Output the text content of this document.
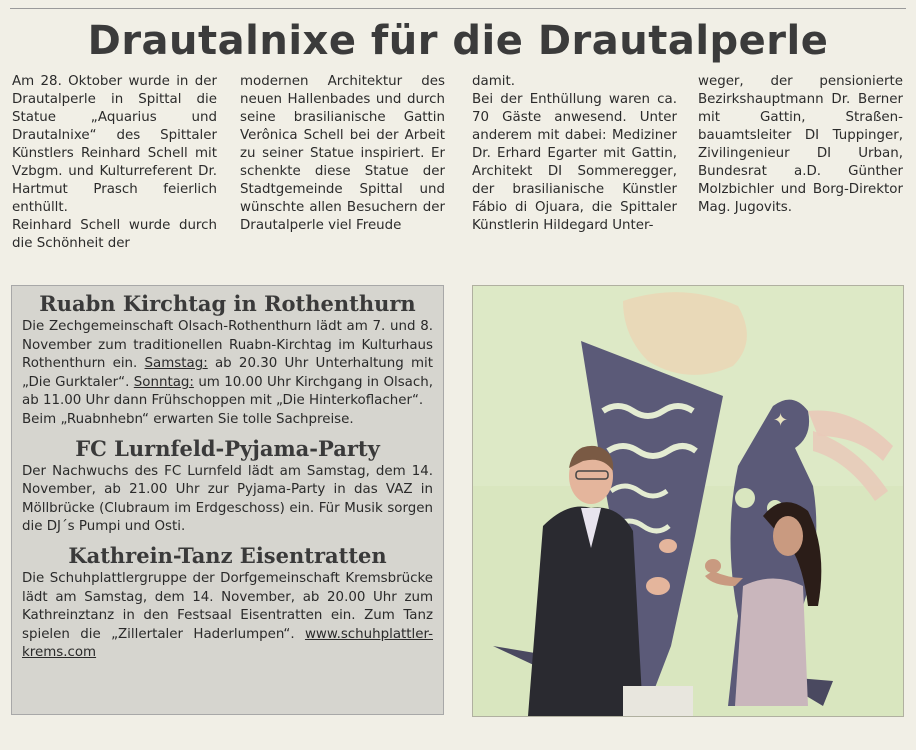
Drautalnixe für die Drautalperle

Am 28. Oktober wurde in der Drautalperle in Spittal die Statue „Aquarius und Drautalnixe“ des Spittaler Künstlers Reinhard Schell mit Vzbgm. und Kulturreferent Dr. Hartmut Prasch feierlich enthüllt.

Reinhard Schell wurde durch die Schönheit der

modernen Architektur des neuen Hallenbades und durch seine brasilianische Gattin Verônica Schell bei der Arbeit zu seiner Statue inspiriert. Er schenkte diese Statue der Stadtgemeinde Spittal und wünschte allen Besuchern der Drautalperle viel Freude

damit.

Bei der Enthüllung waren ca. 70 Gäste anwesend. Unter anderem mit dabei: Mediziner Dr. Erhard Egarter mit Gattin, Architekt DI Sommeregger, der brasilianische Künstler Fábio di Ojuara, die Spittaler Künstlerin Hildegard Unter-

weger, der pensionierte Bezirkshauptmann Dr. Berner mit Gattin, Straßenbauamtsleiter DI Tuppinger, Zivilingenieur DI Urban, Bundesrat a.D. Günther Molzbichler und Borg-Direktor Mag. Jugovits.

Ruabn Kirchtag in Rothenthurn

Die Zechgemeinschaft Olsach-Rothenthurn lädt am 7. und 8. November zum traditionellen Ruabn-Kirchtag im Kulturhaus Rothenthurn ein. Samstag: ab 20.30 Uhr Unterhaltung mit „Die Gurktaler“. Sonntag: um 10.00 Uhr Kirchgang in Olsach, ab 11.00 Uhr dann Frühschoppen mit „Die Hinterkoflacher“.

Beim „Ruabnhebn“ erwarten Sie tolle Sachpreise.

FC Lurnfeld-Pyjama-Party

Der Nachwuchs des FC Lurnfeld lädt am Samstag, dem 14. November, ab 21.00 Uhr zur Pyjama-Party in das VAZ in Möllbrücke (Clubraum im Erdgeschoss) ein. Für Musik sorgen die DJ´s Pumpi und Osti.

Kathrein-Tanz Eisentratten

Die Schuhplattlergruppe der Dorfgemeinschaft Kremsbrücke lädt am Samstag, dem 14. November, ab 20.00 Uhr zum Kathreinztanz in den Festsaal Eisentratten ein. Zum Tanz spielen die „Zillertaler Haderlumpen“. www.schuhplattler-krems.com

✦
